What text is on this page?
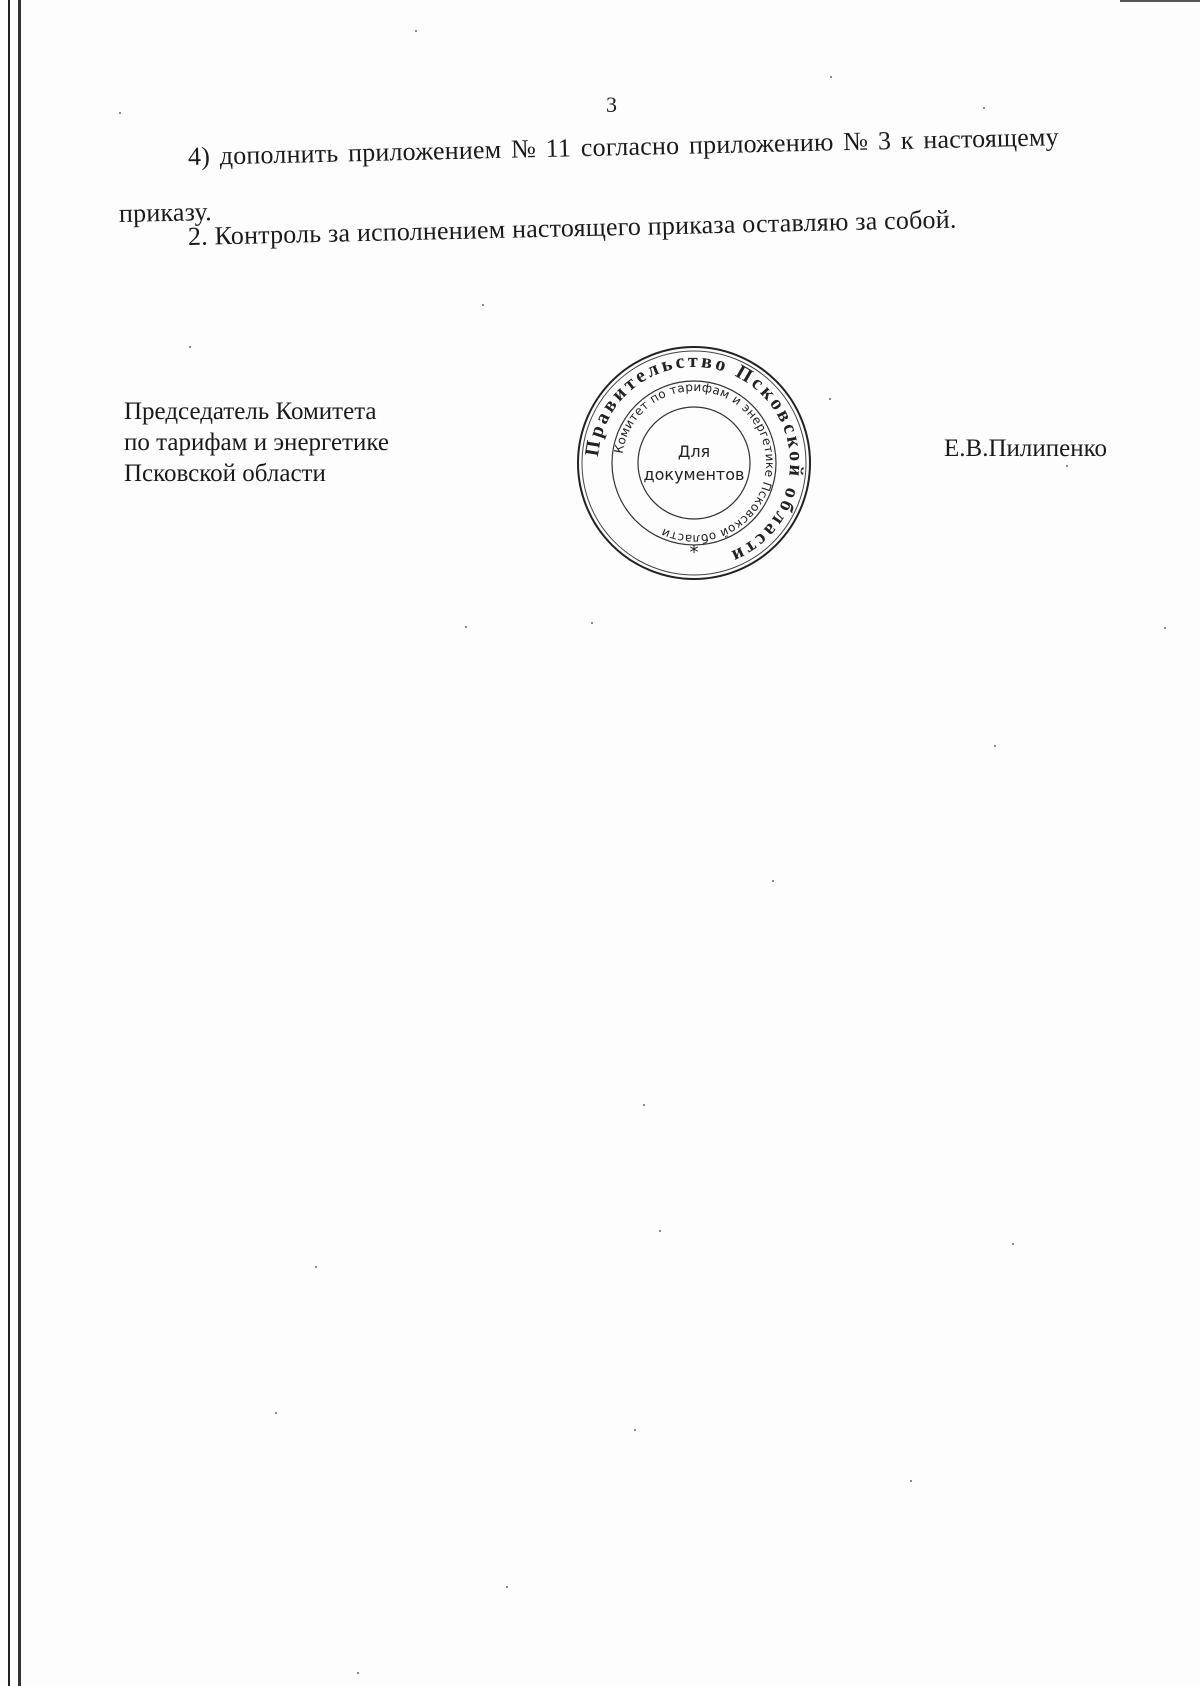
3
4) дополнить приложением № 11 согласно приложению № 3 к настоящему
приказу.
2. Контроль за исполнением настоящего приказа оставляю за собой.
Председатель Комитета
по тарифам и энергетике
Псковской области
Е.В.Пилипенко
Правительство Псковской области
Комитет по тарифам и энергетике Псковской области
Для
документов
*
